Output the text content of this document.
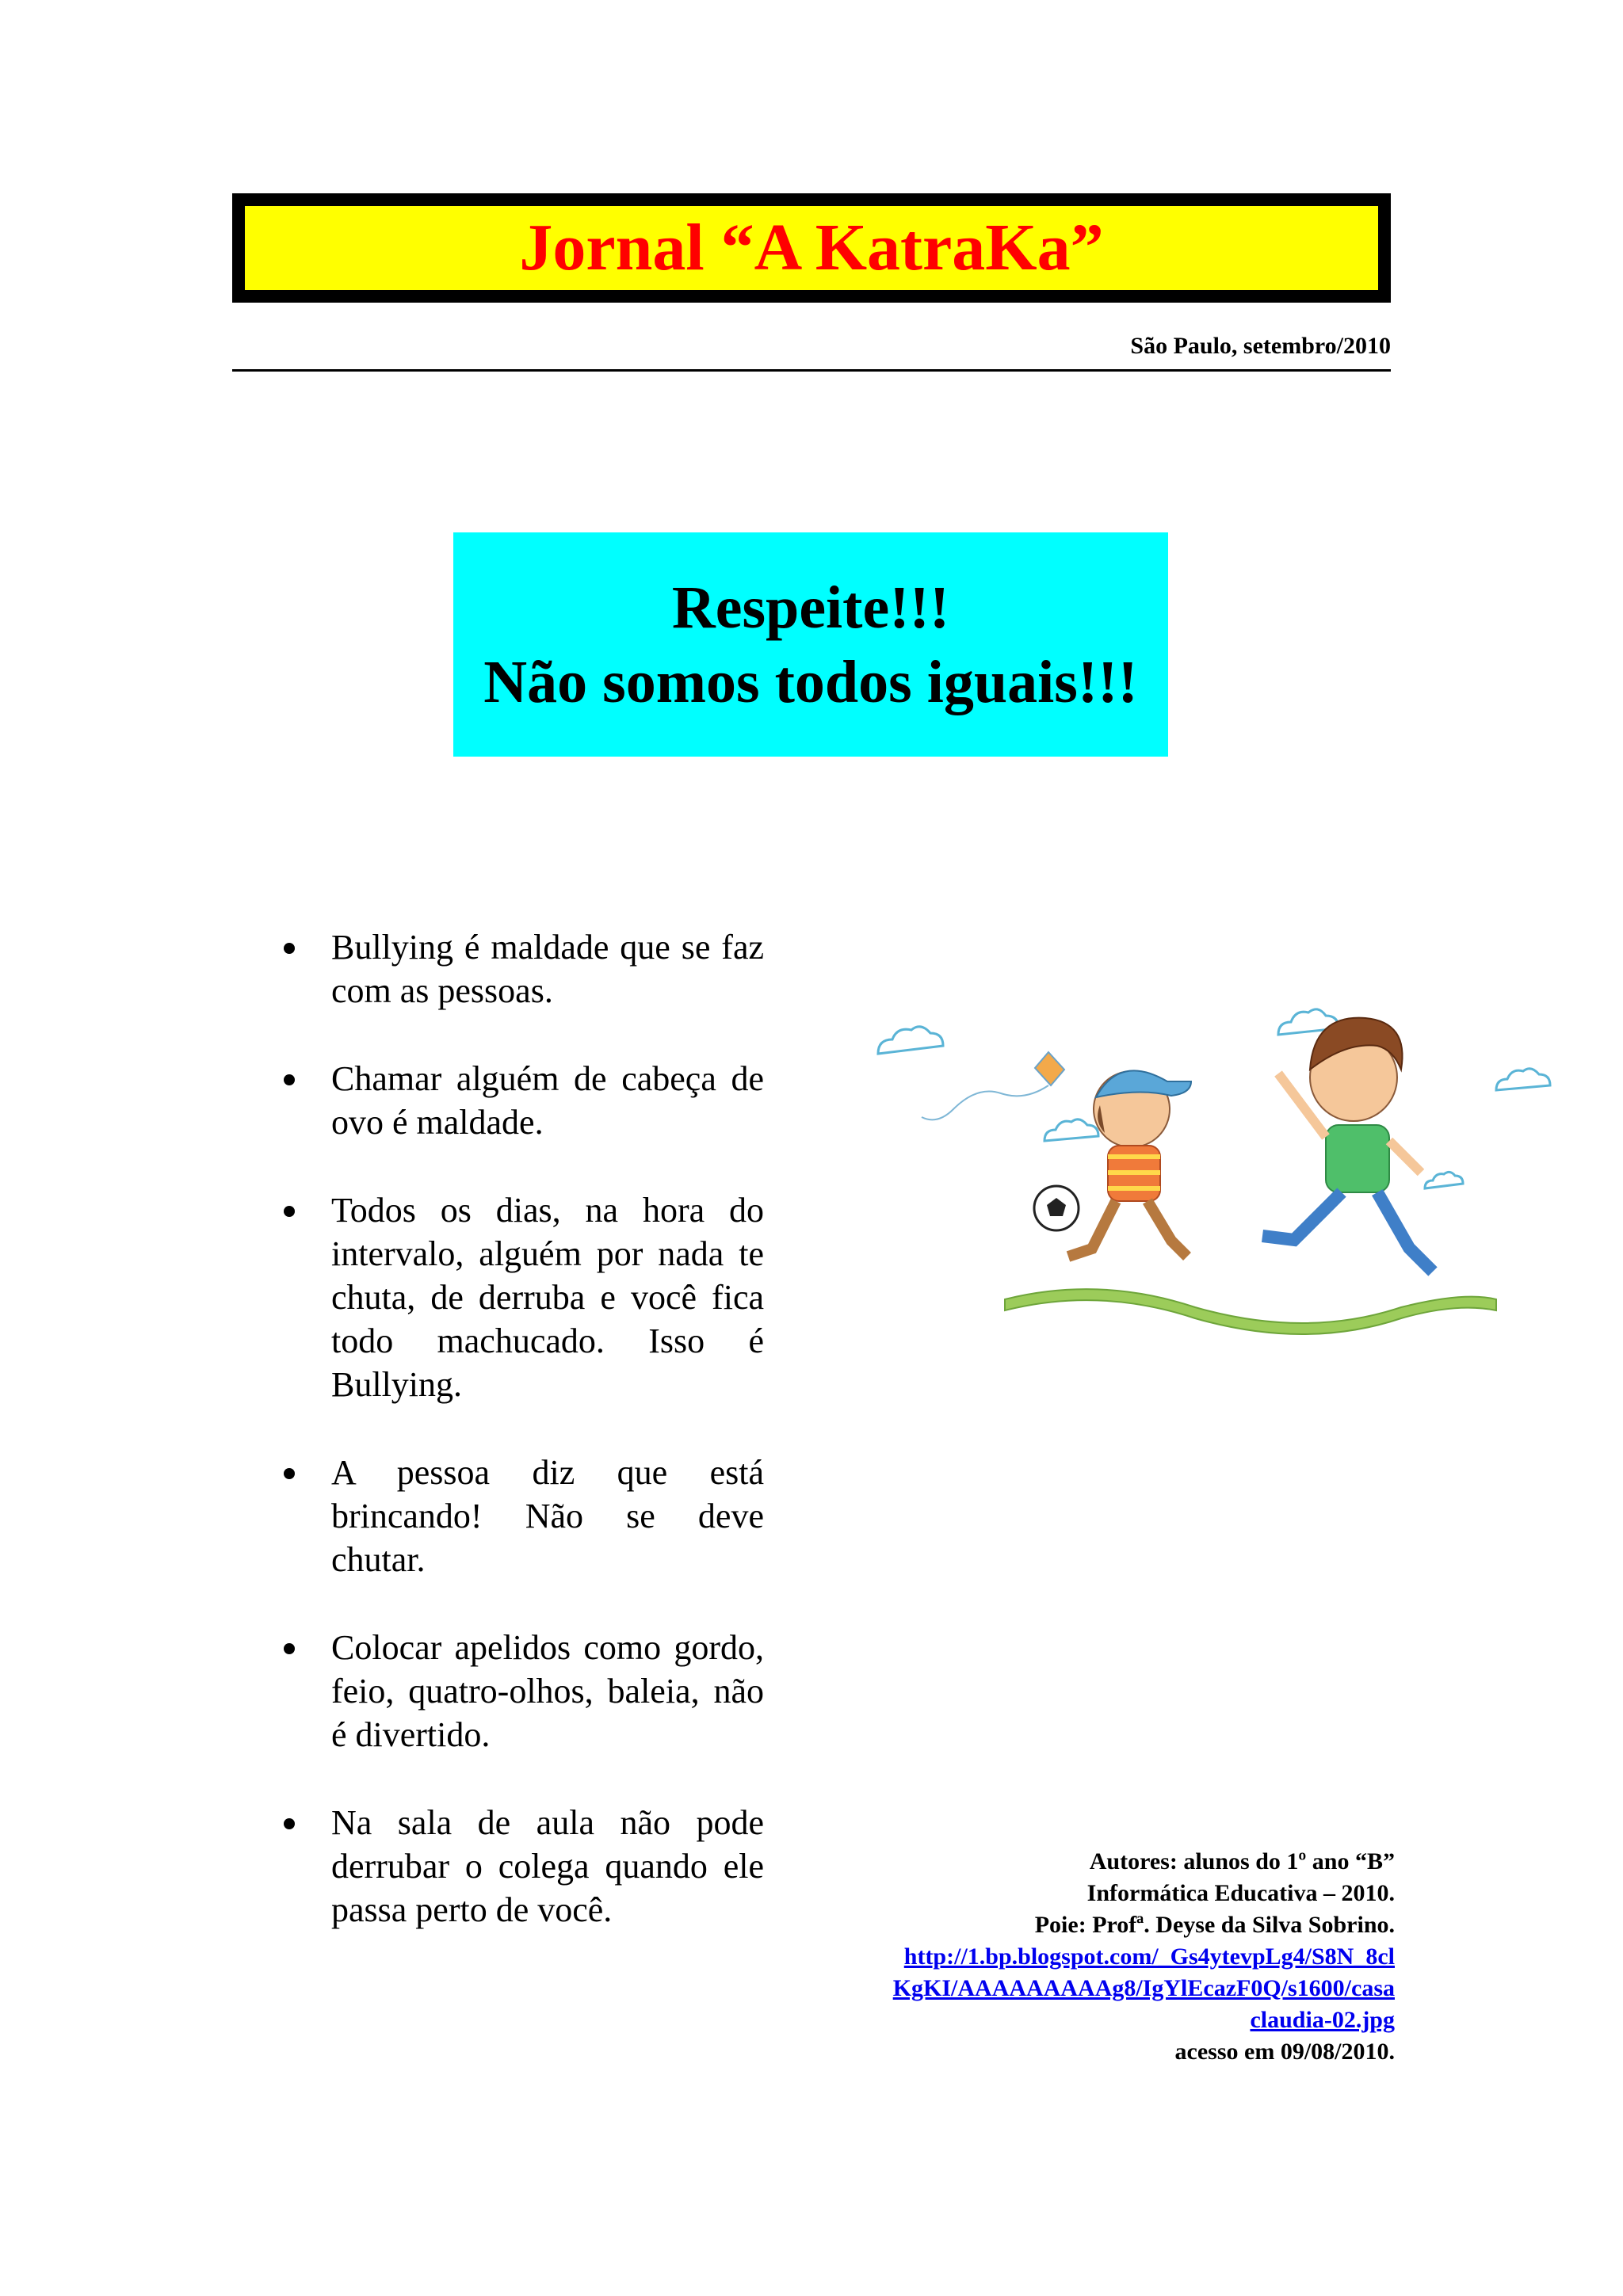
Jornal “A KatraKa”
São Paulo, setembro/2010
Respeite!!!
Não somos todos iguais!!!
Bullying é maldade que se faz com as pessoas.
Chamar alguém de cabeça de ovo é maldade.
Todos os dias, na hora do intervalo, alguém por nada te chuta, de derruba e você fica todo machucado. Isso é Bullying.
A pessoa diz que está brincando! Não se deve chutar.
Colocar apelidos como gordo, feio, quatro-olhos, baleia, não é divertido.
Na sala de aula não pode derrubar o colega quando ele passa perto de você.
Autores: alunos do 1º ano “B”
Informática Educativa – 2010.
Poie: Profª. Deyse da Silva Sobrino.
http://1.bp.blogspot.com/_Gs4ytevpLg4/S8N_8clKgKI/AAAAAAAAAg8/IgYlEcazF0Q/s1600/casaclaudia-02.jpg
acesso em 09/08/2010.
